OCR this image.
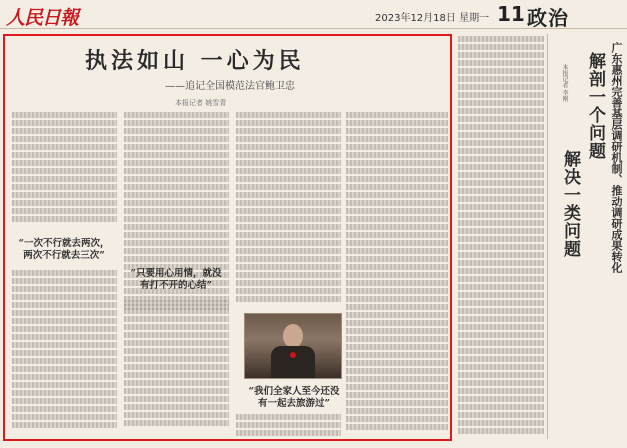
人民日報	2023年12月18日 星期一 11 政治
执法如山 一心为民
——追记全国模范法官鲍卫忠
本报记者 姚雪青
“一次不行就去两次，两次不行就去三次”
“只要用心用情，就没有打不开的心结”
“我们全家人至今还没有一起去旅游过”
广东惠州完善基层调研机制、推动调研成果转化
解剖一个问题
解决一类问题
本报记者 李刚
